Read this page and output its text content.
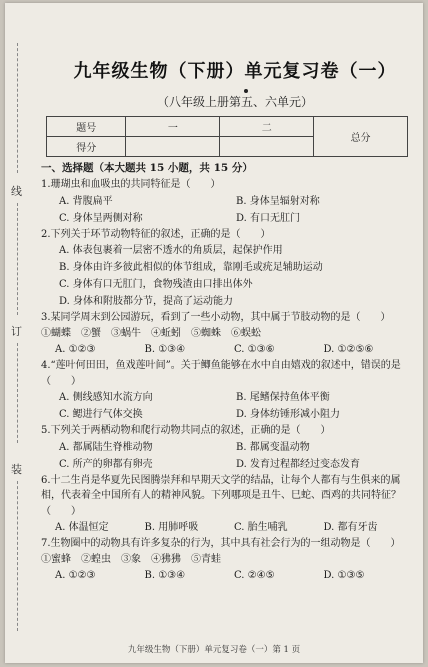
线
订
装
九年级生物（下册）单元复习卷（一）
（八年级上册第五、六单元）
题号	一	二	总分
得分			
一、选择题（本大题共 15 小题，共 15 分）

1.珊瑚虫和血吸虫的共同特征是（　　）

A. 背腹扁平	B. 身体呈辐射对称
C. 身体呈两侧对称	D. 有口无肛门

2.下列关于环节动物特征的叙述，正确的是（　　）

A. 体表包裹着一层密不透水的角质层，起保护作用
B. 身体由许多彼此相似的体节组成，靠刚毛或疣足辅助运动
C. 身体有口无肛门，食物残渣由口排出体外
D. 身体和附肢都分节，提高了运动能力

3.某同学周末到公园游玩，看到了一些小动物，其中属于节肢动物的是（　　）

①蝴蝶　②蟹　③蜗牛　④蚯蚓　⑤蜘蛛　⑥蜈蚣

A. ①②③	B. ①③④	C. ①③⑥	D. ①②⑤⑥

4.“莲叶何田田，鱼戏莲叶间”。关于鲫鱼能够在水中自由嬉戏的叙述中，错误的是（　　）

A. 侧线感知水流方向	B. 尾鳍保持鱼体平衡
C. 鳃进行气体交换	D. 身体纺锤形减小阻力

5.下列关于两栖动物和爬行动物共同点的叙述，正确的是（　　）

A. 都属陆生脊椎动物	B. 都属变温动物
C. 所产的卵都有卵壳	D. 发育过程都经过变态发育

6.十二生肖是华夏先民图腾崇拜和早期天文学的结晶，让每个人都有与生俱来的属相，代表着全中国所有人的精神风貌。下列哪项是丑牛、巳蛇、酉鸡的共同特征？（　　）

A. 体温恒定	B. 用肺呼吸	C. 胎生哺乳	D. 都有牙齿

7.生物圈中的动物具有许多复杂的行为，其中具有社会行为的一组动物是（　　）

①蜜蜂　②蝗虫　③象　④狒狒　⑤青蛙

A. ①②③	B. ①③④	C. ②④⑤	D. ①③⑤
九年级生物（下册）单元复习卷（一）第 1 页
